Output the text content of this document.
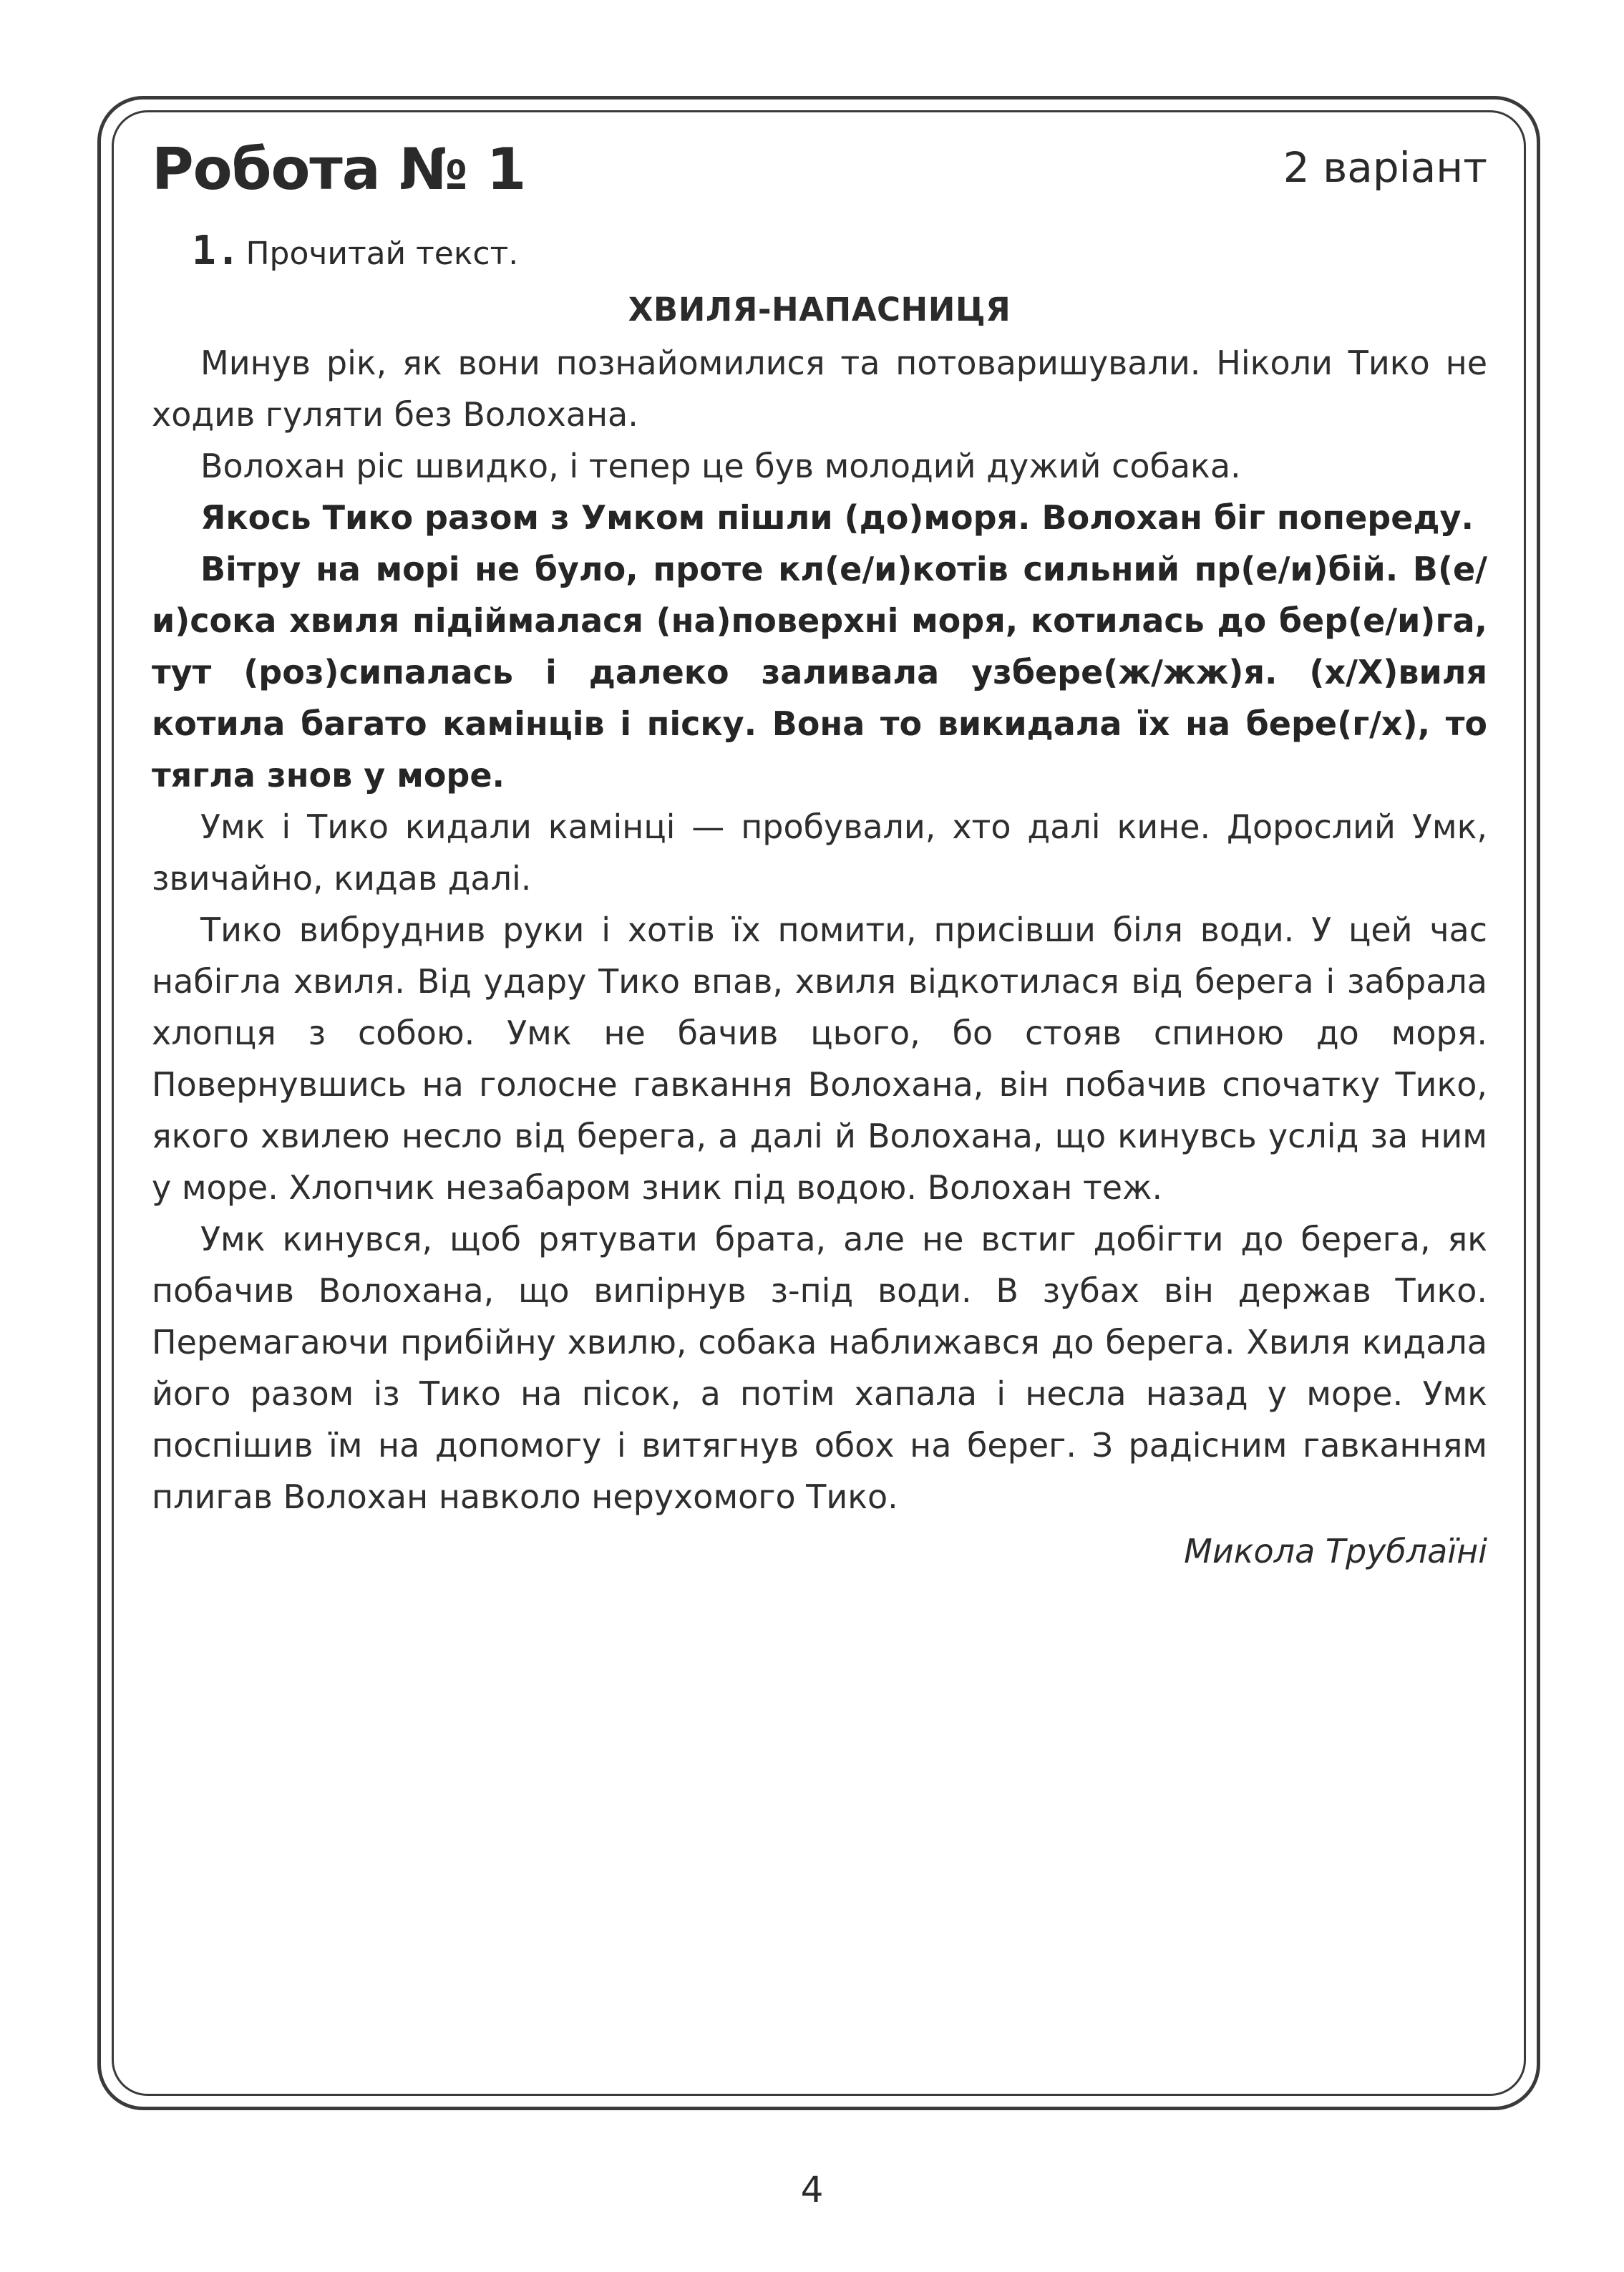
Робота № 1	2 варіант
1. Прочитай текст.
ХВИЛЯ-НАПАСНИЦЯ

Минув рік, як вони познайомилися та потоваришували. Ніколи Тико не ходив гуляти без Волохана.

Волохан ріс швидко, і тепер це був молодий дужий собака.

Якось Тико разом з Умком пішли (до)моря. Волохан біг попереду.

Вітру на морі не було, проте кл(е/и)котів сильний пр(е/и)бій. В(е/и)сока хвиля підіймалася (на)поверхні моря, котилась до бер(е/и)га, тут (роз)сипалась і далеко заливала узбере(ж/жж)я. (х/Х)виля котила багато камінців і піску. Вона то викидала їх на бере(г/х), то тягла знов у море.

Умк і Тико кидали камінці — пробували, хто далі кине. Дорослий Умк, звичайно, кидав далі.

Тико вибруднив руки і хотів їх помити, присівши біля води. У цей час набігла хвиля. Від удару Тико впав, хвиля відкотилася від берега і забрала хлопця з собою. Умк не бачив цього, бо стояв спиною до моря. Повернувшись на голосне гавкання Волохана, він побачив спочатку Тико, якого хвилею несло від берега, а далі й Волохана, що кинувсь услід за ним у море. Хлопчик незабаром зник під водою. Волохан теж.

Умк кинувся, щоб рятувати брата, але не встиг добігти до берега, як побачив Волохана, що випірнув з-під води. В зубах він держав Тико. Перемагаючи прибійну хвилю, собака наближався до берега. Хвиля кидала його разом із Тико на пісок, а потім хапала і несла назад у море. Умк поспішив їм на допомогу і витягнув обох на берег. З радісним гавканням плигав Волохан навколо нерухомого Тико.

Микола Трублаїні
4
